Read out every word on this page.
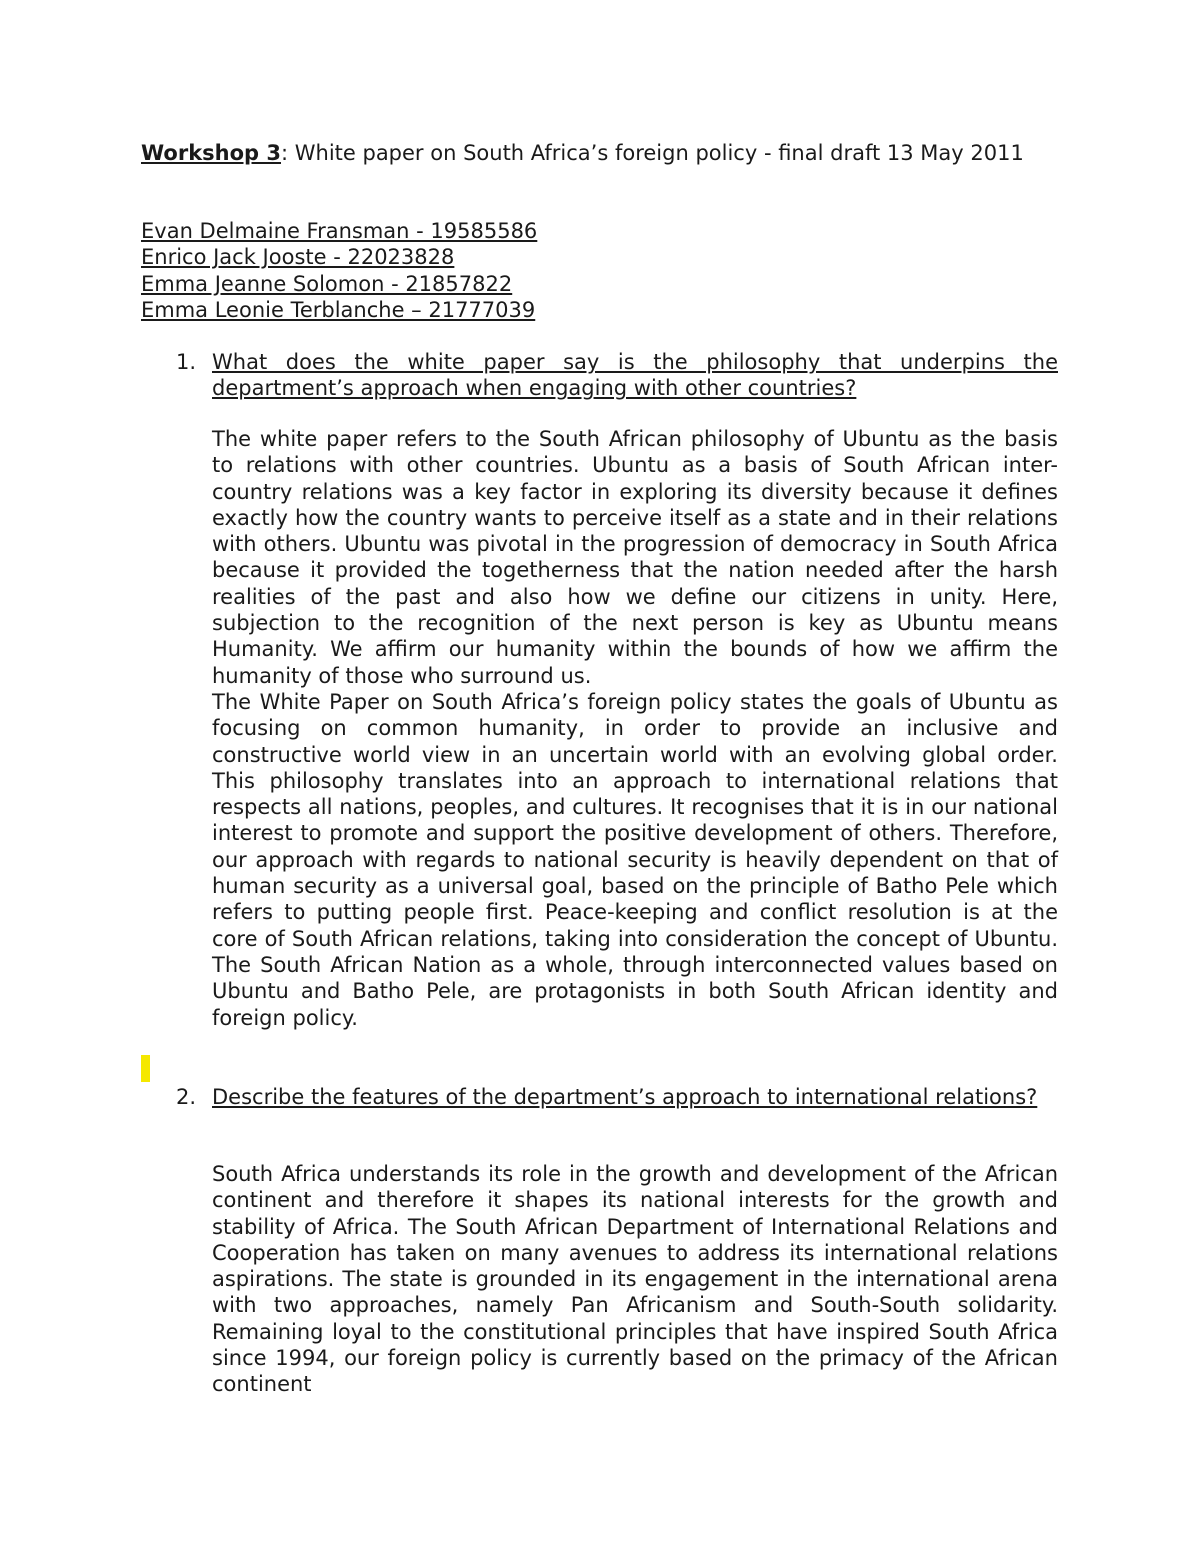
Workshop 3: White paper on South Africa’s foreign policy - final draft 13 May 2011

Evan Delmaine Fransman - 19585586
Enrico Jack Jooste - 22023828
Emma Jeanne Solomon - 21857822
Emma Leonie Terblanche – 21777039
1. What does the white paper say is the philosophy that underpins the department’s approach when engaging with other countries?

The white paper refers to the South African philosophy of Ubuntu as the basis to relations with other countries. Ubuntu as a basis of South African inter-country relations was a key factor in exploring its diversity because it defines exactly how the country wants to perceive itself as a state and in their relations with others. Ubuntu was pivotal in the progression of democracy in South Africa because it provided the togetherness that the nation needed after the harsh realities of the past and also how we define our citizens in unity. Here, subjection to the recognition of the next person is key as Ubuntu means Humanity. We affirm our humanity within the bounds of how we affirm the humanity of those who surround us.

The White Paper on South Africa’s foreign policy states the goals of Ubuntu as focusing on common humanity, in order to provide an inclusive and constructive world view in an uncertain world with an evolving global order. This philosophy translates into an approach to international relations that respects all nations, peoples, and cultures. It recognises that it is in our national interest to promote and support the positive development of others. Therefore, our approach with regards to national security is heavily dependent on that of human security as a universal goal, based on the principle of Batho Pele which refers to putting people first. Peace-keeping and conflict resolution is at the core of South African relations, taking into consideration the concept of Ubuntu. The South African Nation as a whole, through interconnected values based on Ubuntu and Batho Pele, are protagonists in both South African identity and foreign policy.

2. Describe the features of the department’s approach to international relations?

South Africa understands its role in the growth and development of the African continent and therefore it shapes its national interests for the growth and stability of Africa. The South African Department of International Relations and Cooperation has taken on many avenues to address its international relations aspirations. The state is grounded in its engagement in the international arena with two approaches, namely Pan Africanism and South-South solidarity. Remaining loyal to the constitutional principles that have inspired South Africa since 1994, our foreign policy is currently based on the primacy of the African continent
